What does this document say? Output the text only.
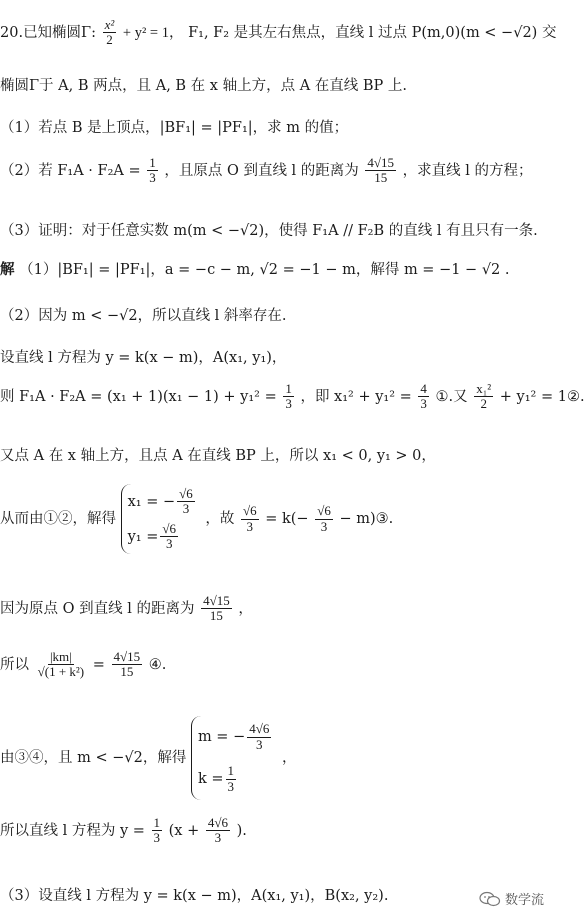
20.已知椭圆Γ: $\frac{\text{x²}}{2} + y^2 = 1$， F₁, F₂ 是其左右焦点，直线 l 过点 P(m,0)(m < −√2) 交
椭圆Γ于 A, B 两点，且 A, B 在 x 轴上方，点 A 在直线 BP 上.
（1）若点 B 是上顶点，|BF₁| = |PF₁|，求 m 的值；
（2）若 $F_1A \cdot F_2A = \frac{1}{3}$ ，且原点 O 到直线 l 的距离为 $\frac{4√15}{15}$ ，求直线 l 的方程；
（3）证明：对于任意实数 m(m < −√2)，使得 F₁A // F₂B 的直线 l 有且只有一条.
解 （1）|BF₁| = |PF₁|，a = −c − m, √2 = −1 − m，解得 m = −1 − √2 .
（2）因为 m < −√2，所以直线 l 斜率存在.
设直线 l 方程为 y = k(x − m)，A(x₁, y₁)，
则 $F_1A \cdot F_2A = (x_1 + 1)(x_1 - 1) + y_1^2 = \frac{1}{3}$ ，即 $x_1^2 + y_1^2 = \frac{4}{3}$ ①.又 $\frac{\text{x₁²}}{2} + y_1^2$ = 1②.
又点 A 在 x 轴上方，且点 A 在直线 BP 上，所以 x₁ < 0, y₁ > 0，
从而由①②，解得
x₁ = − $\frac{√6}{3}$
$y_1 = \frac{√6}{3}$
，故 $\frac{√6}{3} = k(- \frac{√6}{3}$ − m)③.
因为原点 O 到直线 l 的距离为 $\frac{4√15}{15}$ ，
所以 $\frac{|km|}{\text{√(1 + k²)}} = \frac{4√15}{15}$ ④.
由③④，且 m < −√2，解得
m = − $\frac{4√6}{3}$
$k = \frac{1}{3}$
，
所以直线 l 方程为 $y = \frac{1}{3} (x + \frac{4√6}{3}$ ).
（3）设直线 l 方程为 y = k(x − m)，A(x₁, y₁)，B(x₂, y₂).	数学流
